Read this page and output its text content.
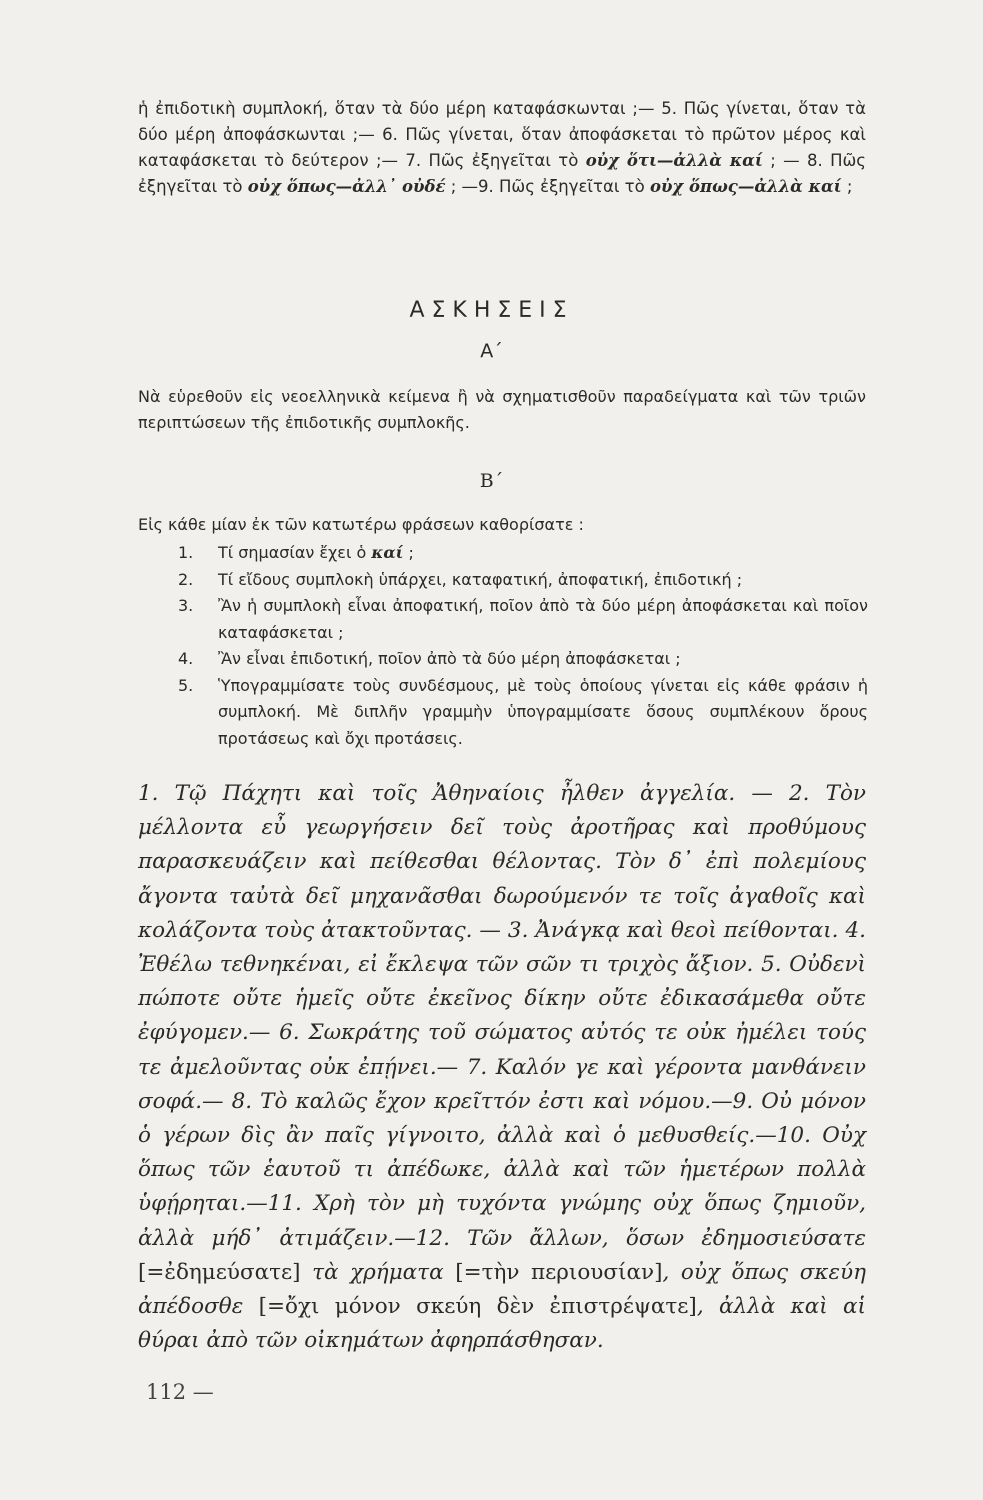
ἡ ἐπιδοτικὴ συμπλοκή, ὅταν τὰ δύο μέρη καταφάσκωνται ;— 5. Πῶς γίνεται, ὅταν τὰ δύο μέρη ἀποφάσκωνται ;— 6. Πῶς γίνεται, ὅταν ἀποφάσκεται τὸ πρῶτον μέρος καὶ καταφάσκεται τὸ δεύτερον ;— 7. Πῶς ἐξηγεῖται τὸ οὐχ ὅτι—ἀλλὰ καί ; — 8. Πῶς ἐξηγεῖται τὸ οὐχ ὅπως—ἀλλ᾽ οὐδέ ; —9. Πῶς ἐξηγεῖται τὸ οὐχ ὅπως—ἀλλὰ καί ;

ΑΣΚΗΣΕΙΣ
Α΄
Νὰ εὑρεθοῦν εἰς νεοελληνικὰ κείμενα ἢ νὰ σχηματισθοῦν παραδείγματα καὶ τῶν τριῶν περιπτώσεων τῆς ἐπιδοτικῆς συμπλοκῆς.
Β΄
Εἰς κάθε μίαν ἐκ τῶν κατωτέρω φράσεων καθορίσατε :

1.	Τί σημασίαν ἔχει ὁ καί ;

2.	Τί εἴδους συμπλοκὴ ὑπάρχει, καταφατική, ἀποφατική, ἐπιδοτική ;

3.	Ἂν ἡ συμπλοκὴ εἶναι ἀποφατική, ποῖον ἀπὸ τὰ δύο μέρη ἀποφάσκεται καὶ ποῖον καταφάσκεται ;

4.	Ἂν εἶναι ἐπιδοτική, ποῖον ἀπὸ τὰ δύο μέρη ἀποφάσκεται ;

5.	Ὑπογραμμίσατε τοὺς συνδέσμους, μὲ τοὺς ὁποίους γίνεται εἰς κάθε φράσιν ἡ συμπλοκή. Μὲ διπλῆν γραμμὴν ὑπογραμμίσατε ὅσους συμπλέκουν ὅρους προτάσεως καὶ ὄχι προτάσεις.

1. Τῷ Πάχητι καὶ τοῖς Ἀθηναίοις ἦλθεν ἀγγελία. — 2. Τὸν μέλλοντα εὖ γεωργήσειν δεῖ τοὺς ἀροτῆρας καὶ προθύμους παρασκευάζειν καὶ πείθεσθαι θέλοντας. Τὸν δ᾽ ἐπὶ πολεμίους ἄγοντα ταὐτὰ δεῖ μηχανᾶσθαι δωρούμενόν τε τοῖς ἀγαθοῖς καὶ κολάζοντα τοὺς ἀτακτοῦντας. — 3. Ἀνάγκᾳ καὶ θεοὶ πείθονται. 4. Ἐθέλω τεθνηκέναι, εἰ ἔκλεψα τῶν σῶν τι τριχὸς ἄξιον. 5. Οὐδενὶ πώποτε οὔτε ἡμεῖς οὔτε ἐκεῖνος δίκην οὔτε ἐδικασάμεθα οὔτε ἐφύγομεν.— 6. Σωκράτης τοῦ σώματος αὐτός τε οὐκ ἠμέλει τούς τε ἀμελοῦντας οὐκ ἐπῄνει.— 7. Καλόν γε καὶ γέροντα μανθάνειν σοφά.— 8. Τὸ καλῶς ἔχον κρεῖττόν ἐστι καὶ νόμου.—9. Οὐ μόνον ὁ γέρων δὶς ἂν παῖς γίγνοιτο, ἀλλὰ καὶ ὁ μεθυσθείς.—10. Οὐχ ὅπως τῶν ἑαυτοῦ τι ἀπέδωκε, ἀλλὰ καὶ τῶν ἡμετέρων πολλὰ ὑφῄρηται.—11. Χρὴ τὸν μὴ τυχόντα γνώμης οὐχ ὅπως ζημιοῦν, ἀλλὰ μήδ᾽ ἀτιμάζειν.—12. Τῶν ἄλλων, ὅσων ἐδημοσιεύσατε [=ἐδημεύσατε] τὰ χρήματα [=τὴν περιουσίαν], οὐχ ὅπως σκεύη ἀπέδοσθε [=ὄχι μόνον σκεύη δὲν ἐπιστρέψατε], ἀλλὰ καὶ αἱ θύραι ἀπὸ τῶν οἰκημάτων ἀφηρπάσθησαν.
112 —
